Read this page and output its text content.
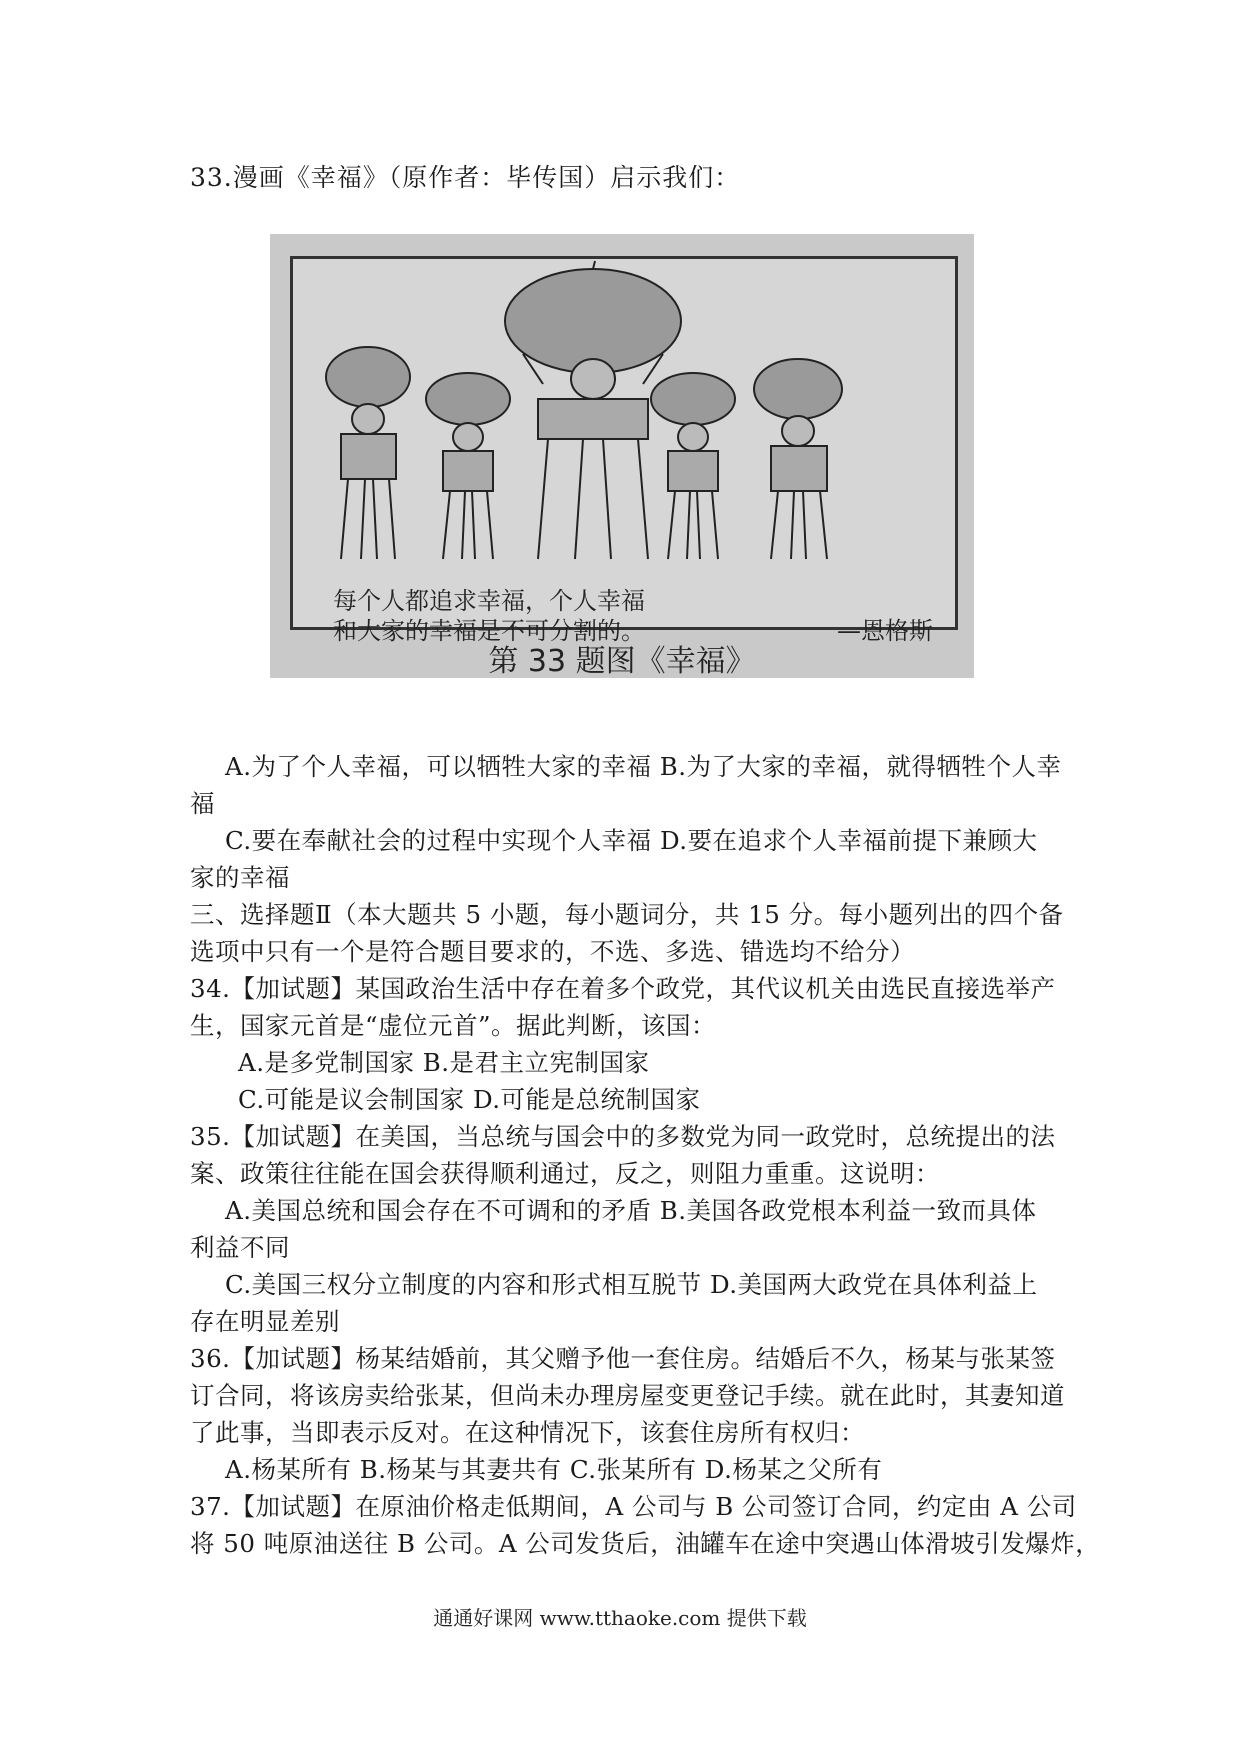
33.漫画《幸福》（原作者：毕传国）启示我们：
每个人都追求幸福，个人幸福
和大家的幸福是不可分割的。	—恩格斯
第 33 题图《幸福》
A.为了个人幸福，可以牺牲大家的幸福 B.为了大家的幸福，就得牺牲个人幸
福
C.要在奉献社会的过程中实现个人幸福 D.要在追求个人幸福前提下兼顾大
家的幸福
三、选择题Ⅱ（本大题共 5 小题，每小题词分，共 15 分。每小题列出的四个备
选项中只有一个是符合题目要求的，不选、多选、错选均不给分）
34.【加试题】某国政治生活中存在着多个政党，其代议机关由选民直接选举产
生，国家元首是“虚位元首”。据此判断，该国：
A.是多党制国家 B.是君主立宪制国家
C.可能是议会制国家 D.可能是总统制国家
35.【加试题】在美国，当总统与国会中的多数党为同一政党时，总统提出的法
案、政策往往能在国会获得顺利通过，反之，则阻力重重。这说明：
A.美国总统和国会存在不可调和的矛盾 B.美国各政党根本利益一致而具体
利益不同
C.美国三权分立制度的内容和形式相互脱节 D.美国两大政党在具体利益上
存在明显差别
36.【加试题】杨某结婚前，其父赠予他一套住房。结婚后不久，杨某与张某签
订合同，将该房卖给张某，但尚未办理房屋变更登记手续。就在此时，其妻知道
了此事，当即表示反对。在这种情况下，该套住房所有权归：
A.杨某所有 B.杨某与其妻共有 C.张某所有 D.杨某之父所有
37.【加试题】在原油价格走低期间，A 公司与 B 公司签订合同，约定由 A 公司
将 50 吨原油送往 B 公司。A 公司发货后，油罐车在途中突遇山体滑坡引发爆炸，
通通好课网 www.tthaoke.com 提供下载
